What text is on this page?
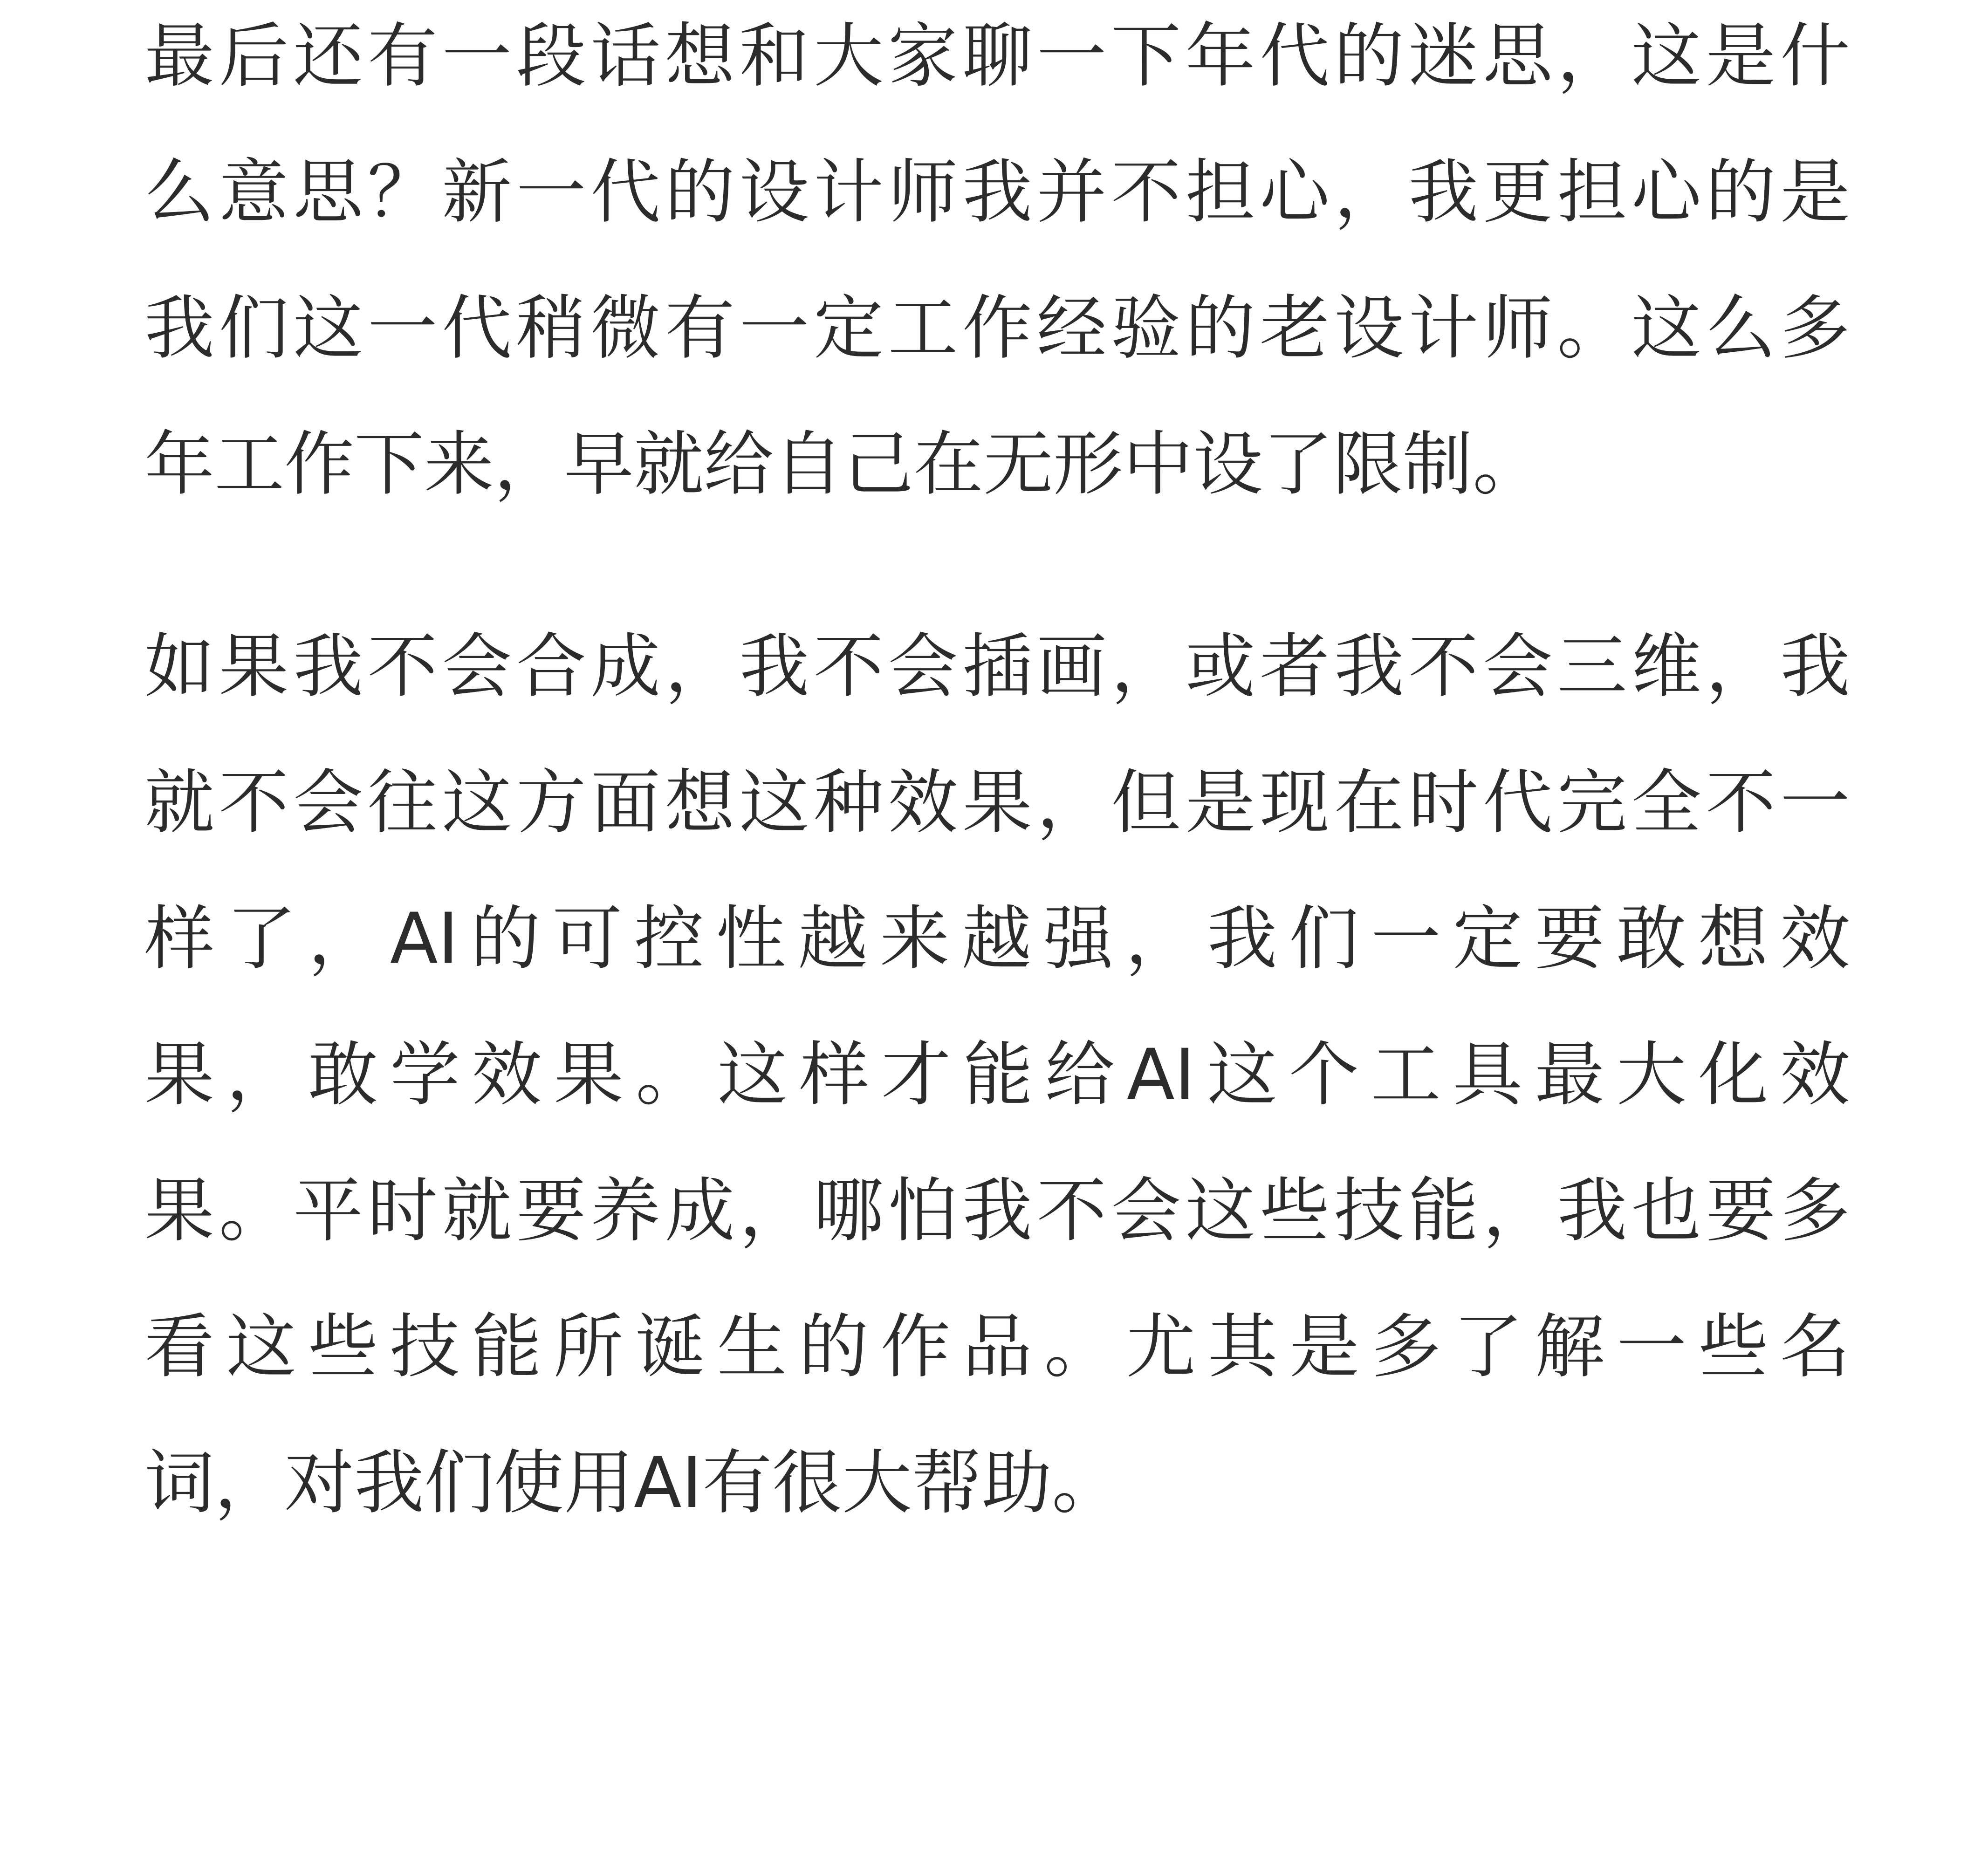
最后还有一段话想和大家聊一下年代的迷思，这是什
么意思？新一代的设计师我并不担心，我更担心的是
我们这一代稍微有一定工作经验的老设计师。这么多
年工作下来，早就给自己在无形中设了限制。
如果我不会合成，我不会插画，或者我不会三维，我
就不会往这方面想这种效果，但是现在时代完全不一
样了，AI的可控性越来越强，我们一定要敢想效
果，敢学效果。这样才能给AI这个工具最大化效
果。平时就要养成，哪怕我不会这些技能，我也要多
看这些技能所诞生的作品。尤其是多了解一些名
词，对我们使用AI有很大帮助。
